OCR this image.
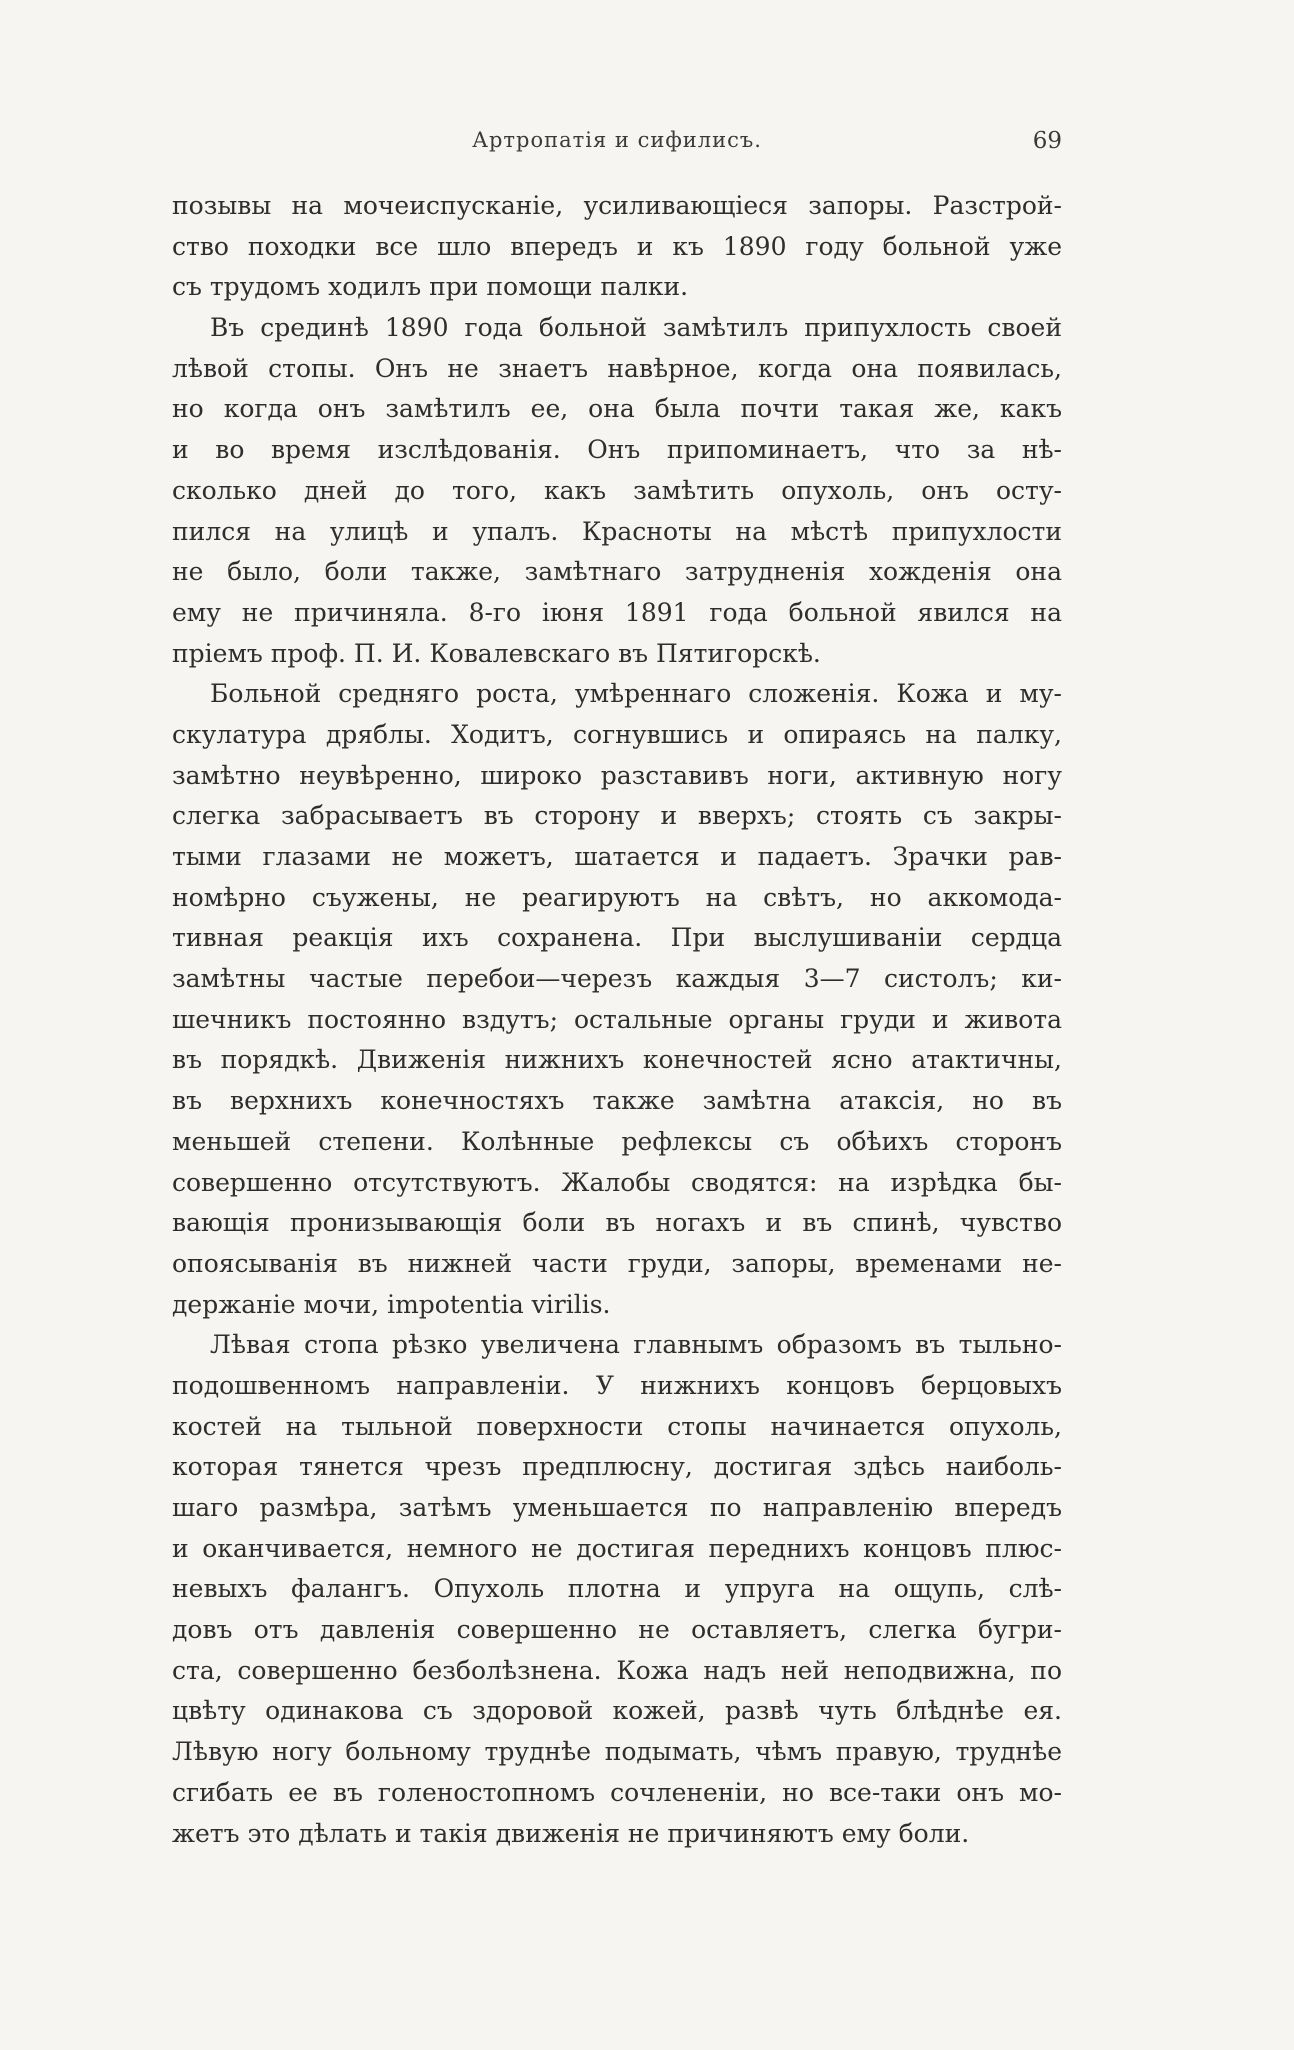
Артропатія и сифилисъ.	69
позывы на мочеиспусканіе, усиливающіеся запоры. Разстрой-
ство походки все шло впередъ и къ 1890 году больной уже
съ трудомъ ходилъ при помощи палки.
Въ срединѣ 1890 года больной замѣтилъ припухлость своей
лѣвой стопы. Онъ не знаетъ навѣрное, когда она появилась,
но когда онъ замѣтилъ ее, она была почти такая же, какъ
и во время изслѣдованія. Онъ припоминаетъ, что за нѣ-
сколько дней до того, какъ замѣтить опухоль, онъ осту-
пился на улицѣ и упалъ. Красноты на мѣстѣ припухлости
не было, боли также, замѣтнаго затрудненія хожденія она
ему не причиняла. 8-го іюня 1891 года больной явился на
пріемъ проф. П. И. Ковалевскаго въ Пятигорскѣ.
Больной средняго роста, умѣреннаго сложенія. Кожа и му-
скулатура дряблы. Ходитъ, согнувшись и опираясь на палку,
замѣтно неувѣренно, широко разставивъ ноги, активную ногу
слегка забрасываетъ въ сторону и вверхъ; стоять съ закры-
тыми глазами не можетъ, шатается и падаетъ. Зрачки рав-
номѣрно съужены, не реагируютъ на свѣтъ, но аккомода-
тивная реакція ихъ сохранена. При выслушиваніи сердца
замѣтны частые перебои—черезъ каждыя 3—7 систолъ; ки-
шечникъ постоянно вздутъ; остальные органы груди и живота
въ порядкѣ. Движенія нижнихъ конечностей ясно атактичны,
въ верхнихъ конечностяхъ также замѣтна атаксія, но въ
меньшей степени. Колѣнные рефлексы съ обѣихъ сторонъ
совершенно отсутствуютъ. Жалобы сводятся: на изрѣдка бы-
вающія пронизывающія боли въ ногахъ и въ спинѣ, чувство
опоясыванія въ нижней части груди, запоры, временами не-
держаніе мочи, impotentia virilis.
Лѣвая стопа рѣзко увеличена главнымъ образомъ въ тыльно-
подошвенномъ направленіи. У нижнихъ концовъ берцовыхъ
костей на тыльной поверхности стопы начинается опухоль,
которая тянется чрезъ предплюсну, достигая здѣсь наиболь-
шаго размѣра, затѣмъ уменьшается по направленію впередъ
и оканчивается, немного не достигая переднихъ концовъ плюс-
невыхъ фалангъ. Опухоль плотна и упруга на ощупь, слѣ-
довъ отъ давленія совершенно не оставляетъ, слегка бугри-
ста, совершенно безболѣзнена. Кожа надъ ней неподвижна, по
цвѣту одинакова съ здоровой кожей, развѣ чуть блѣднѣе ея.
Лѣвую ногу больному труднѣе подымать, чѣмъ правую, труднѣе
сгибать ее въ голеностопномъ сочлененіи, но все-таки онъ мо-
жетъ это дѣлать и такія движенія не причиняютъ ему боли.
